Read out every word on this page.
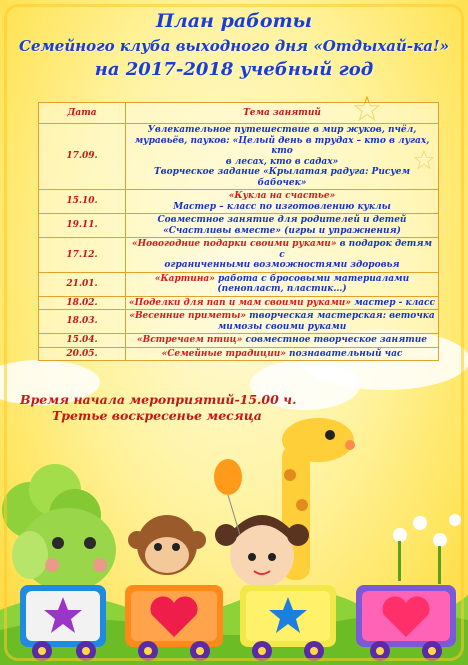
План работы
Семейного клуба выходного дня «Отдыхай-ка!»
на 2017-2018 учебный год
Дата	Тема занятий
17.09.	Увлекательное путешествие в мир жуков, пчёл,
муравьёв, пауков: «Целый день в трудах – кто в лугах, кто
в лесах, кто в садах»
Творческое задание «Крылатая радуга: Рисуем бабочек»

15.10.	«Кукла на счастье»
Мастер – класс по изготовлению куклы

19.11.	Совместное занятие для родителей и детей
«Счастливы вместе» (игры и упражнения)

17.12.	«Новогодние подарки своими руками» в подарок детям с
ограниченными возможностями здоровья

21.01.	«Картина» работа с бросовыми материалами
(пенопласт, пластик…)

18.02.	«Поделки для пап и мам своими руками» мастер - класс

18.03.	«Весенние приметы» творческая мастерская: веточка
мимозы своими руками

15.04.	«Встречаем птиц» совместное творческое занятие

20.05.	«Семейные традиции» познавательный час
Время начала мероприятий-15.00 ч.
Третье воскресенье месяца
